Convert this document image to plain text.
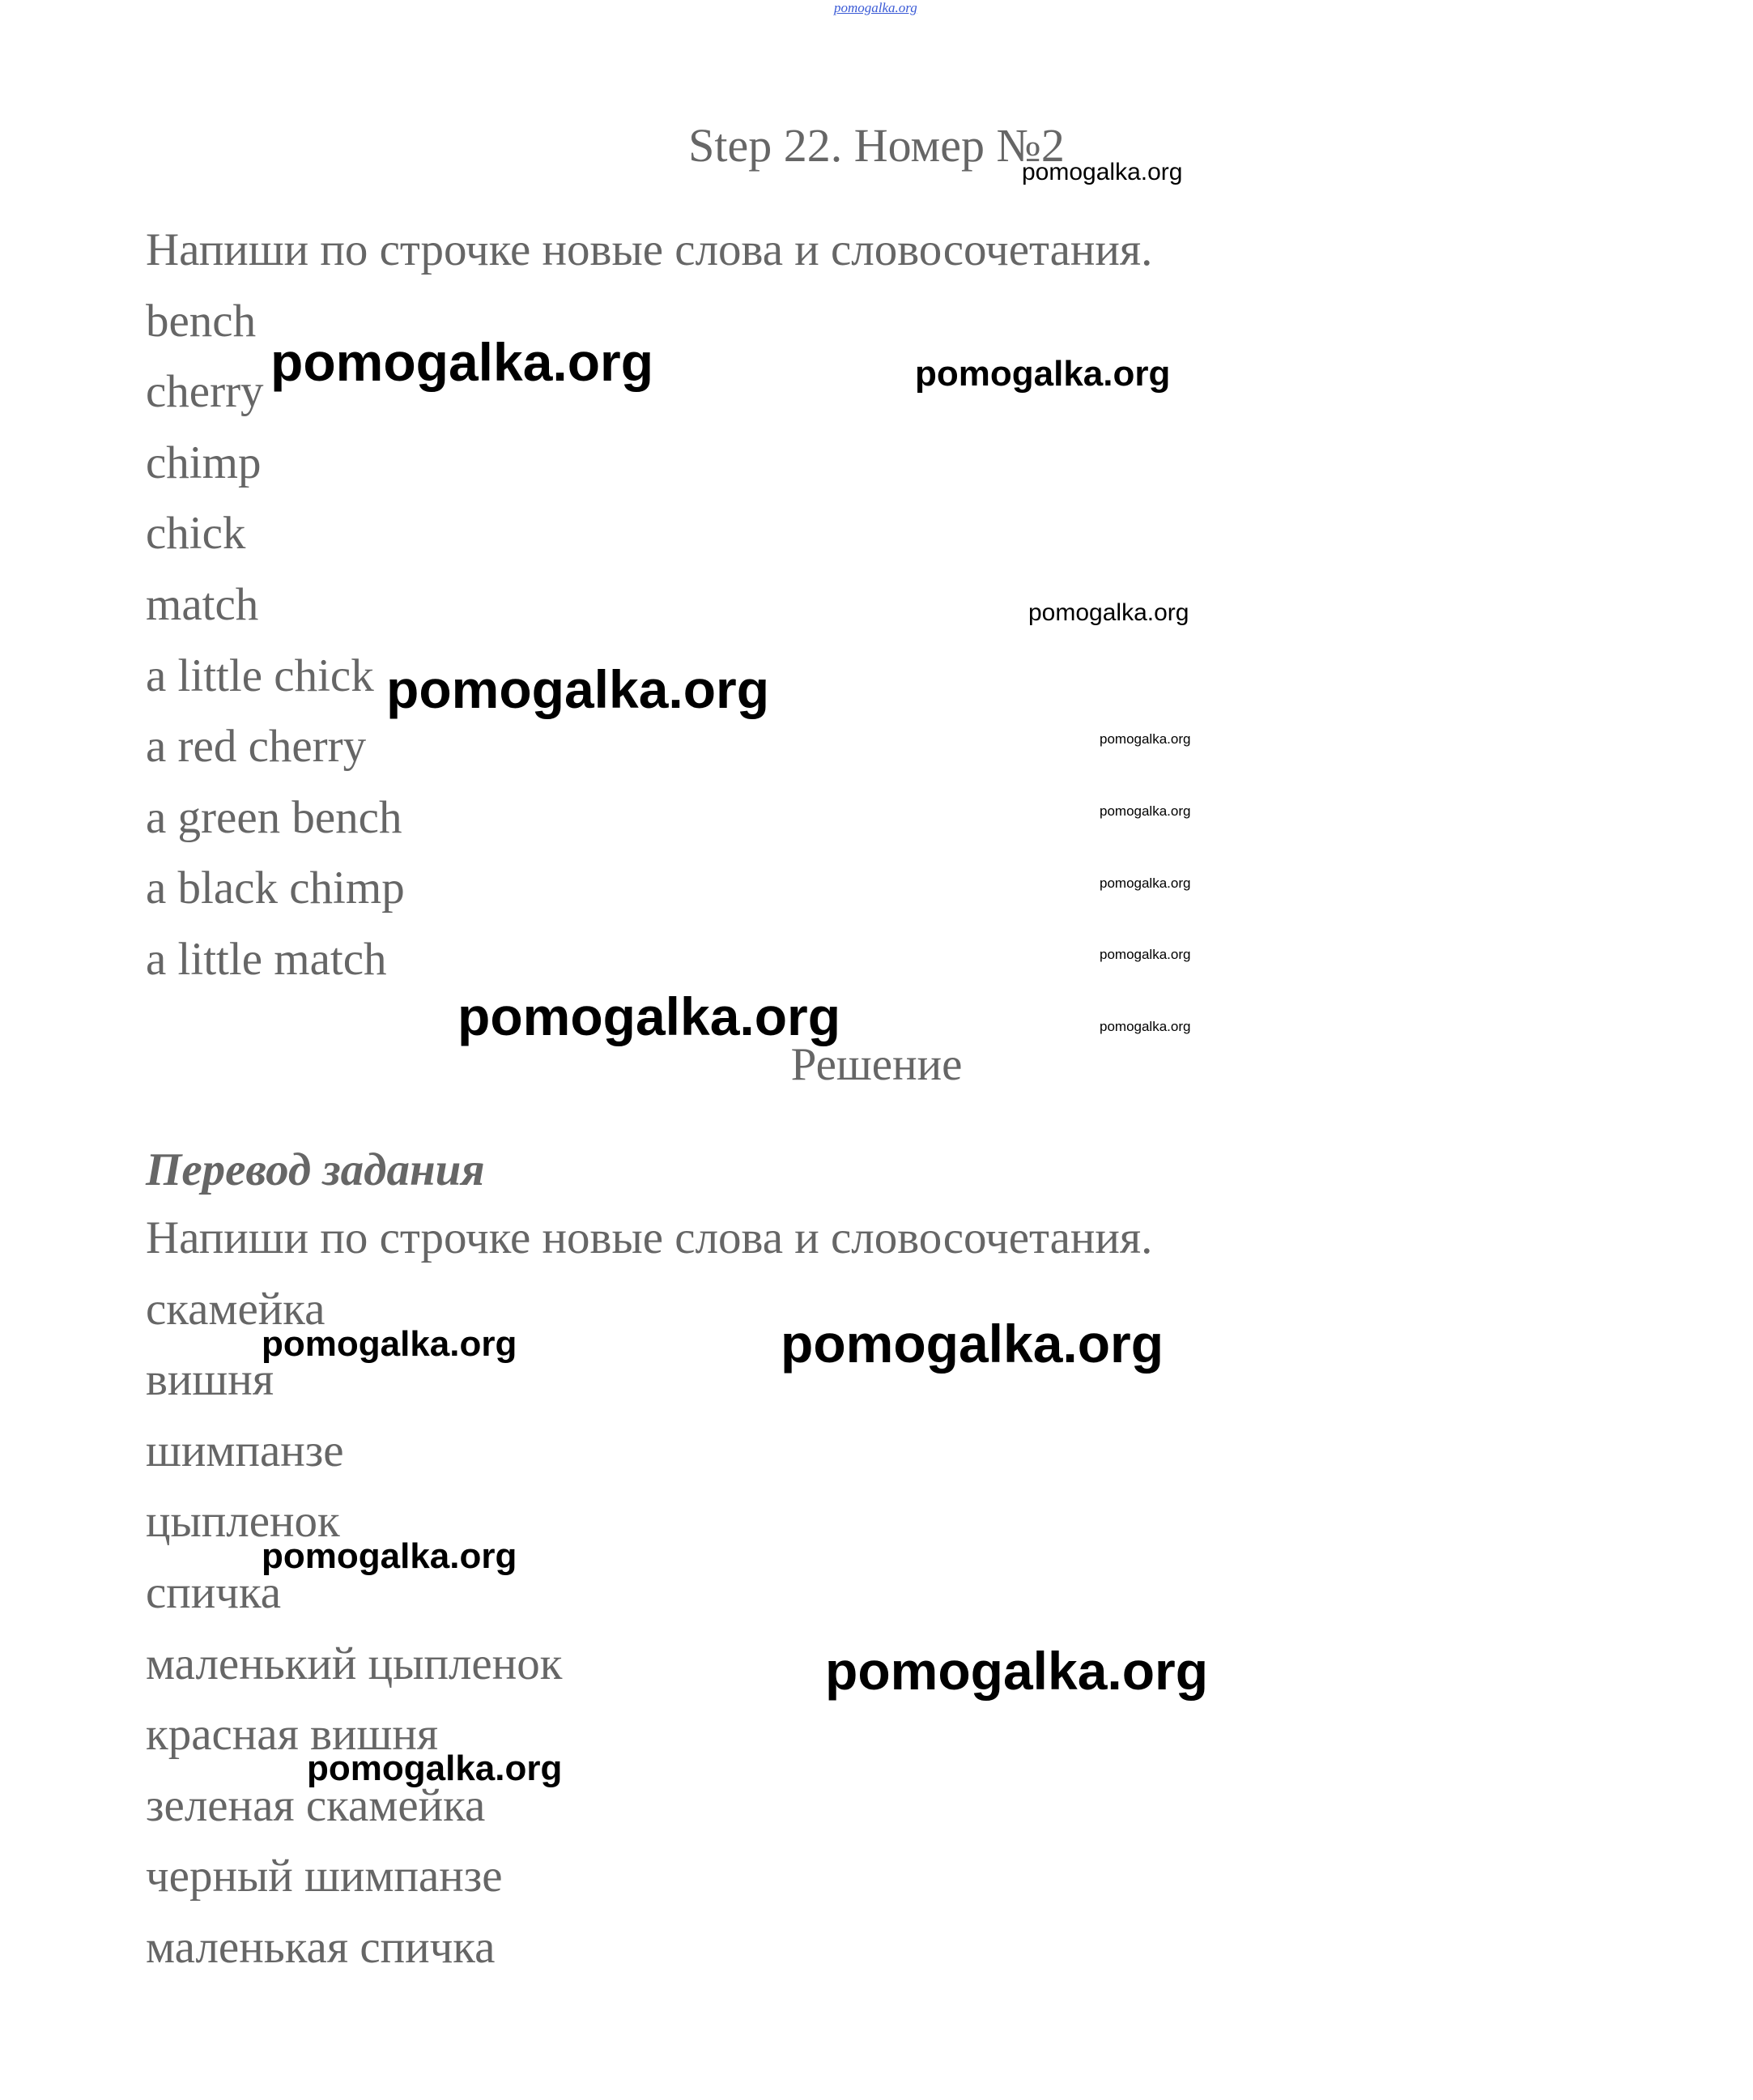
pomogalka.org
Step 22. Номер №2
Напиши по строчке новые слова и словосочетания.
bench
cherry
chimp
chick
match
a little chick
a red cherry
a green bench
a black chimp
a little match
Решение
Перевод задания
Напиши по строчке новые слова и словосочетания.
скамейка
вишня
шимпанзе
цыпленок
спичка
маленький цыпленок
красная вишня
зеленая скамейка
черный шимпанзе
маленькая спичка
pomogalka.org
pomogalka.org	pomogalka.org
pomogalka.org
pomogalka.org
pomogalka.org
pomogalka.org
pomogalka.org
pomogalka.org
pomogalka.org	pomogalka.org
pomogalka.org	pomogalka.org
pomogalka.org
pomogalka.org
pomogalka.org
